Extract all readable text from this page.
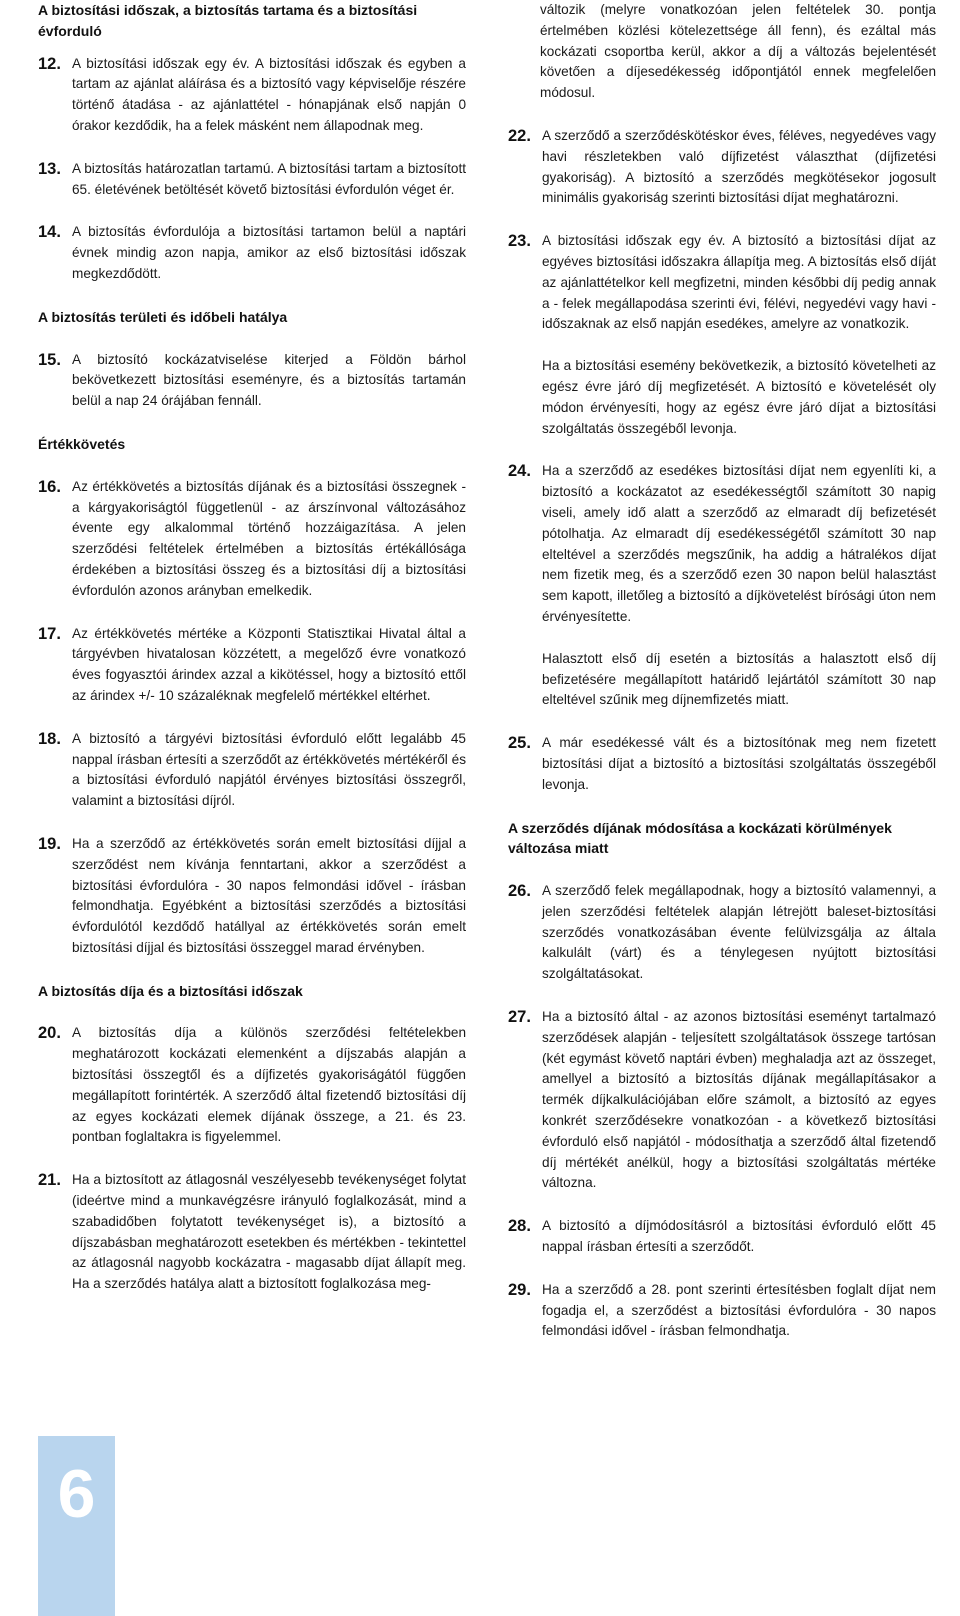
A biztosítási időszak, a biztosítás tartama és a biztosítási évforduló
12. A biztosítási időszak egy év. A biztosítási időszak és egyben a tartam az ajánlat aláírása és a biztosító vagy képviselője részére történő átadása - az ajánlattétel - hónapjának első napján 0 órakor kezdődik, ha a felek másként nem állapodnak meg.

13. A biztosítás határozatlan tartamú. A biztosítási tartam a biztosított 65. életévének betöltését követő biztosítási évfordulón véget ér.

14. A biztosítás évfordulója a biztosítási tartamon belül a naptári évnek mindig azon napja, amikor az első biztosítási időszak megkezdődött.

A biztosítás területi és időbeli hatálya
15. A biztosító kockázatviselése kiterjed a Földön bárhol bekövetkezett biztosítási eseményre, és a biztosítás tartamán belül a nap 24 órájában fennáll.

Értékkövetés
16. Az értékkövetés a biztosítás díjának és a biztosítási összegnek - a kárgyakoriságtól függetlenül - az árszínvonal változásához évente egy alkalommal történő hozzáigazítása. A jelen szerződési feltételek értelmében a biztosítás értékállósága érdekében a biztosítási összeg és a biztosítási díj a biztosítási évfordulón azonos arányban emelkedik.

17. Az értékkövetés mértéke a Központi Statisztikai Hivatal által a tárgyévben hivatalosan közzétett, a megelőző évre vonatkozó éves fogyasztói árindex azzal a kikötéssel, hogy a biztosító ettől az árindex +/- 10 százaléknak megfelelő mértékkel eltérhet.

18. A biztosító a tárgyévi biztosítási évforduló előtt legalább 45 nappal írásban értesíti a szerződőt az értékkövetés mértékéről és a biztosítási évforduló napjától érvényes biztosítási összegről, valamint a biztosítási díjról.

19. Ha a szerződő az értékkövetés során emelt biztosítási díjjal a szerződést nem kívánja fenntartani, akkor a szerződést a biztosítási évfordulóra - 30 napos felmondási idővel - írásban felmondhatja. Egyébként a biztosítási szerződés a biztosítási évfordulótól kezdődő hatállyal az értékkövetés során emelt biztosítási díjjal és biztosítási összeggel marad érvényben.

A biztosítás díja és a biztosítási időszak
20. A biztosítás díja a különös szerződési feltételekben meghatározott kockázati elemenként a díjszabás alapján a biztosítási összegtől és a díjfizetés gyakoriságától függően megállapított forintérték. A szerződő által fizetendő biztosítási díj az egyes kockázati elemek díjának összege, a 21. és 23. pontban foglaltakra is figyelemmel.

21. Ha a biztosított az átlagosnál veszélyesebb tevékenységet folytat (ideértve mind a munkavégzésre irányuló foglalkozását, mind a szabadidőben folytatott tevékenységet is), a biztosító a díjszabásban meghatározott esetekben és mértékben - tekintettel az átlagosnál nagyobb kockázatra - magasabb díjat állapít meg. Ha a szerződés hatálya alatt a biztosított foglalkozása meg-

változik (melyre vonatkozóan jelen feltételek 30. pontja értelmében közlési kötelezettsége áll fenn), és ezáltal más kockázati csoportba kerül, akkor a díj a változás bejelentését követően a díjesedékesség időpontjától ennek megfelelően módosul.
22. A szerződő a szerződéskötéskor éves, féléves, negyedéves vagy havi részletekben való díjfizetést választhat (díjfizetési gyakoriság). A biztosító a szerződés megkötésekor jogosult minimális gyakoriság szerinti biztosítási díjat meghatározni.

23. A biztosítási időszak egy év. A biztosító a biztosítási díjat az egyéves biztosítási időszakra állapítja meg. A biztosítás első díját az ajánlattételkor kell megfizetni, minden későbbi díj pedig annak a - felek megállapodása szerinti évi, félévi, negyedévi vagy havi - időszaknak az első napján esedékes, amelyre az vonatkozik.

Ha a biztosítási esemény bekövetkezik, a biztosító követelheti az egész évre járó díj megfizetését. A biztosító e követelését oly módon érvényesíti, hogy az egész évre járó díjat a biztosítási szolgáltatás összegéből levonja.

24. Ha a szerződő az esedékes biztosítási díjat nem egyenlíti ki, a biztosító a kockázatot az esedékességtől számított 30 napig viseli, amely idő alatt a szerződő az elmaradt díj befizetését pótolhatja. Az elmaradt díj esedékességétől számított 30 nap elteltével a szerződés megszűnik, ha addig a hátralékos díjat nem fizetik meg, és a szerződő ezen 30 napon belül halasztást sem kapott, illetőleg a biztosító a díjkövetelést bírósági úton nem érvényesítette.

Halasztott első díj esetén a biztosítás a halasztott első díj befizetésére megállapított határidő lejártától számított 30 nap elteltével szűnik meg díjnemfizetés miatt.

25. A már esedékessé vált és a biztosítónak meg nem fizetett biztosítási díjat a biztosító a biztosítási szolgáltatás összegéből levonja.

A szerződés díjának módosítása a kockázati körülmények változása miatt
26. A szerződő felek megállapodnak, hogy a biztosító valamennyi, a jelen szerződési feltételek alapján létrejött baleset-biztosítási szerződés vonatkozásában évente felülvizsgálja az általa kalkulált (várt) és a ténylegesen nyújtott biztosítási szolgáltatásokat.

27. Ha a biztosító által - az azonos biztosítási eseményt tartalmazó szerződések alapján - teljesített szolgáltatások összege tartósan (két egymást követő naptári évben) meghaladja azt az összeget, amellyel a biztosító a biztosítás díjának megállapításakor a termék díjkalkulációjában előre számolt, a biztosító az egyes konkrét szerződésekre vonatkozóan - a következő biztosítási évforduló első napjától - módosíthatja a szerződő által fizetendő díj mértékét anélkül, hogy a biztosítási szolgáltatás mértéke változna.

28. A biztosító a díjmódosításról a biztosítási évforduló előtt 45 nappal írásban értesíti a szerződőt.

29. Ha a szerződő a 28. pont szerinti értesítésben foglalt díjat nem fogadja el, a szerződést a biztosítási évfordulóra - 30 napos felmondási idővel - írásban felmondhatja.

6
